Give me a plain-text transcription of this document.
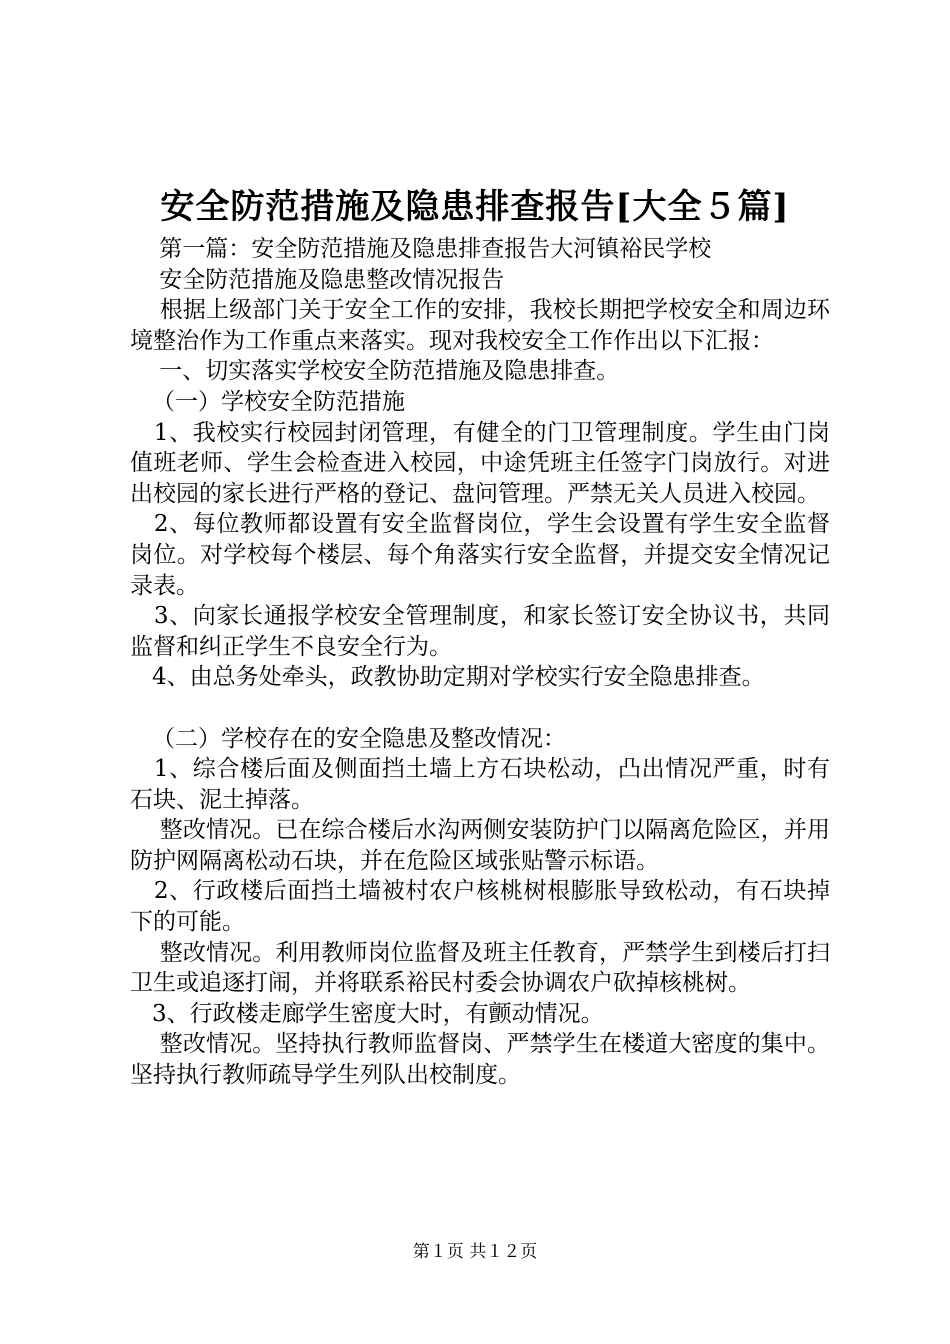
安全防范措施及隐患排查报告[大全５篇]

第一篇：安全防范措施及隐患排查报告大河镇裕民学校

安全防范措施及隐患整改情况报告

根据上级部门关于安全工作的安排，我校长期把学校安全和周边环境整治作为工作重点来落实。现对我校安全工作作出以下汇报：

一、切实落实学校安全防范措施及隐患排查。

（一）学校安全防范措施

1、我校实行校园封闭管理，有健全的门卫管理制度。学生由门岗值班老师、学生会检查进入校园，中途凭班主任签字门岗放行。对进出校园的家长进行严格的登记、盘问管理。严禁无关人员进入校园。

2、每位教师都设置有安全监督岗位，学生会设置有学生安全监督岗位。对学校每个楼层、每个角落实行安全监督，并提交安全情况记录表。

3、向家长通报学校安全管理制度，和家长签订安全协议书，共同监督和纠正学生不良安全行为。

4、由总务处牵头，政教协助定期对学校实行安全隐患排查。

（二）学校存在的安全隐患及整改情况：

1、综合楼后面及侧面挡土墙上方石块松动，凸出情况严重，时有石块、泥土掉落。

整改情况。已在综合楼后水沟两侧安装防护门以隔离危险区，并用防护网隔离松动石块，并在危险区域张贴警示标语。

2、行政楼后面挡土墙被村农户核桃树根膨胀导致松动，有石块掉下的可能。

整改情况。利用教师岗位监督及班主任教育，严禁学生到楼后打扫卫生或追逐打闹，并将联系裕民村委会协调农户砍掉核桃树。

3、行政楼走廊学生密度大时，有颤动情况。

整改情况。坚持执行教师监督岗、严禁学生在楼道大密度的集中。坚持执行教师疏导学生列队出校制度。

第１页 共１２页
